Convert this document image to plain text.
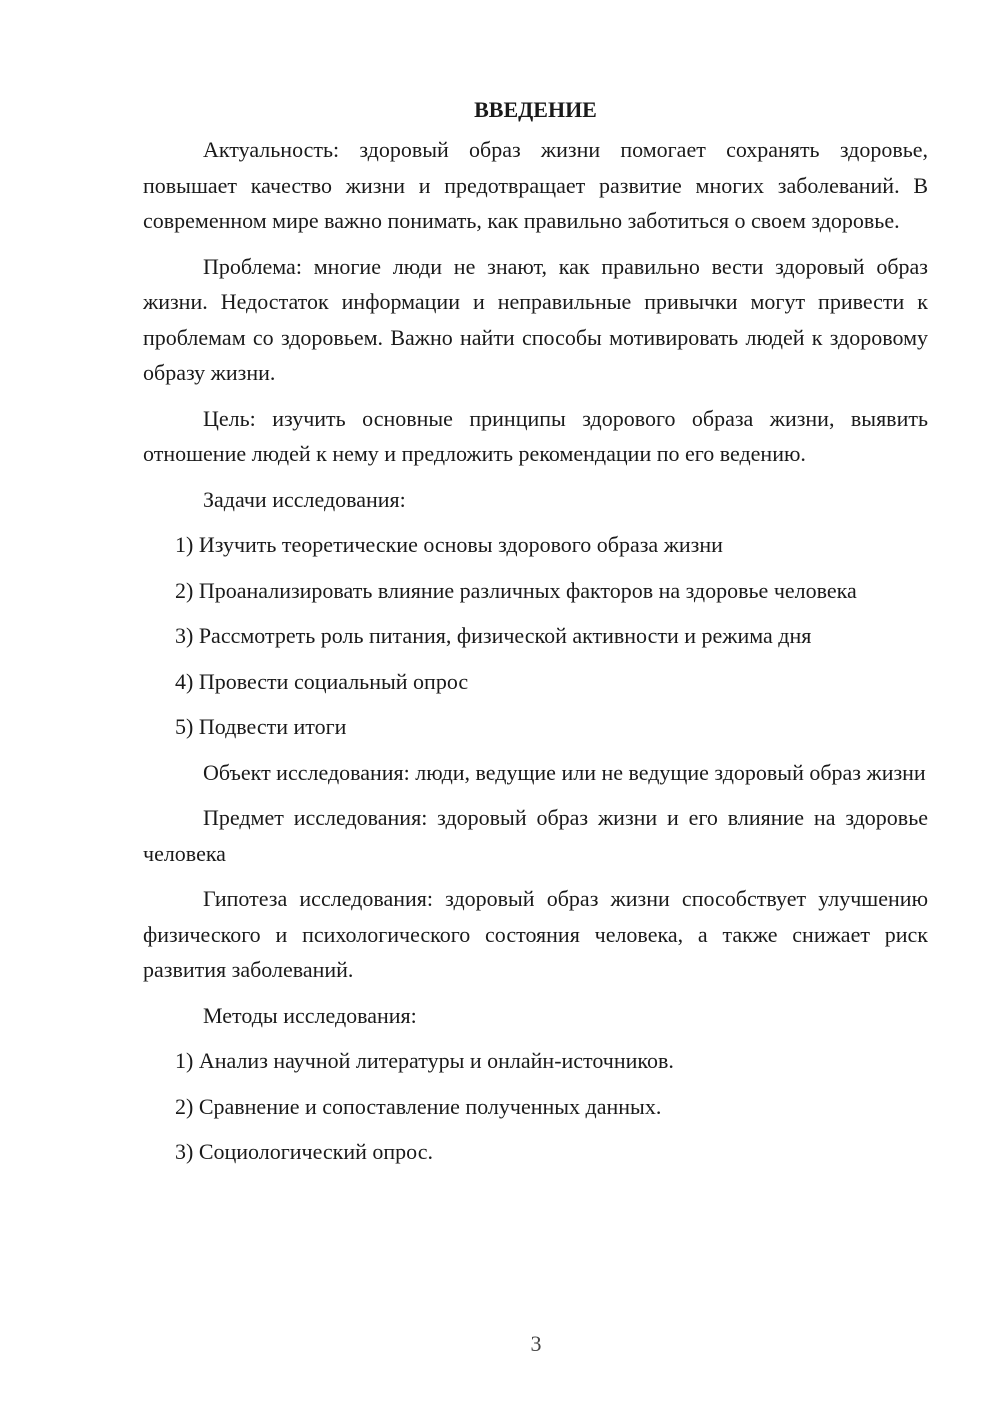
ВВЕДЕНИЕ

Актуальность: здоровый образ жизни помогает сохранять здоровье, повышает качество жизни и предотвращает развитие многих заболеваний. В современном мире важно понимать, как правильно заботиться о своем здоровье.

Проблема: многие люди не знают, как правильно вести здоровый образ жизни. Недостаток информации и неправильные привычки могут привести к проблемам со здоровьем. Важно найти способы мотивировать людей к здоровому образу жизни.

Цель: изучить основные принципы здорового образа жизни, выявить отношение людей к нему и предложить рекомендации по его ведению.

Задачи исследования:

1) Изучить теоретические основы здорового образа жизни

2) Проанализировать влияние различных факторов на здоровье человека

3) Рассмотреть роль питания, физической активности и режима дня

4) Провести социальный опрос

5) Подвести итоги

Объект исследования: люди, ведущие или не ведущие здоровый образ жизни

Предмет исследования: здоровый образ жизни и его влияние на здоровье человека

Гипотеза исследования: здоровый образ жизни способствует улучшению физического и психологического состояния человека, а также снижает риск развития заболеваний.

Методы исследования:

1) Анализ научной литературы и онлайн-источников.

2) Сравнение и сопоставление полученных данных.

3) Социологический опрос.

3
